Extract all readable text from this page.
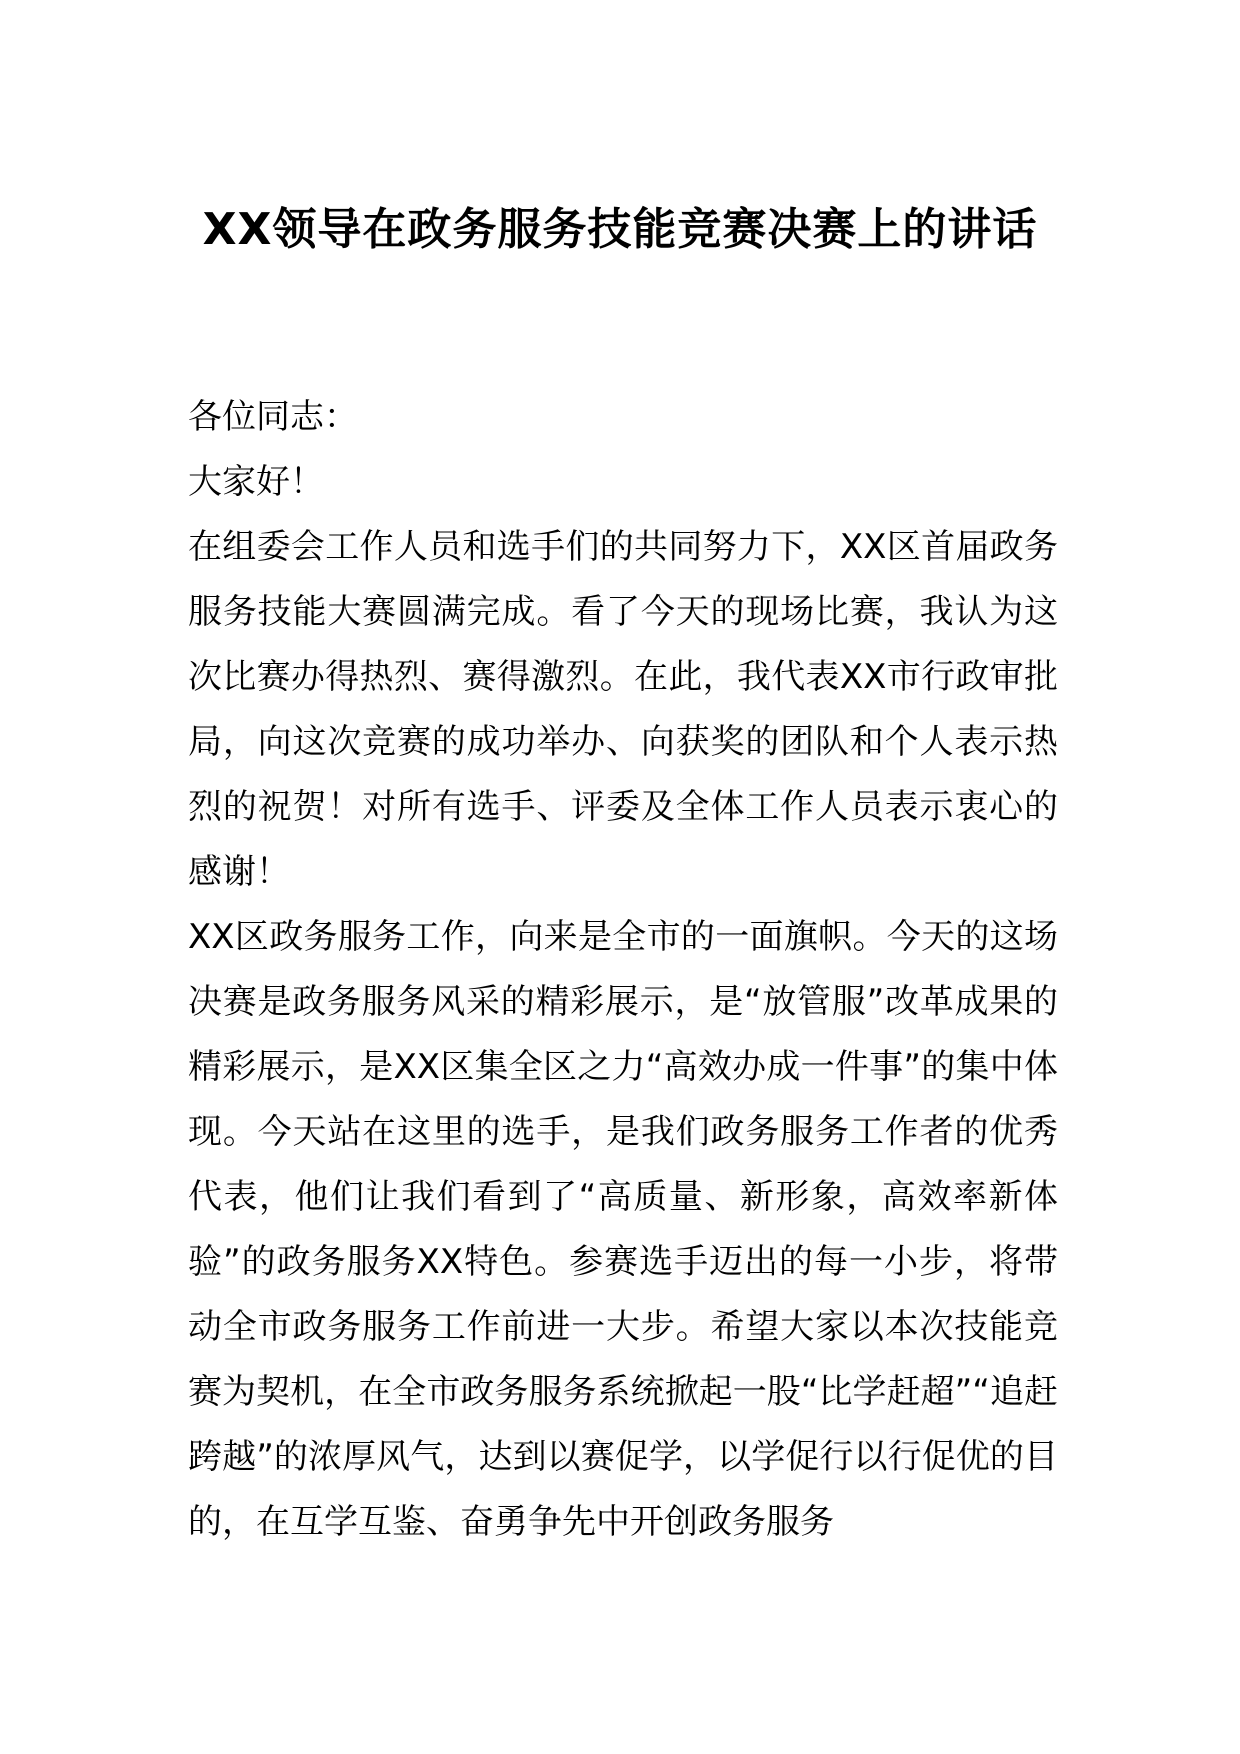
XX领导在政务服务技能竞赛决赛上的讲话

各位同志：

大家好！

在组委会工作人员和选手们的共同努力下，XX区首届政务服务技能大赛圆满完成。看了今天的现场比赛，我认为这次比赛办得热烈、赛得激烈。在此，我代表XX市行政审批局，向这次竞赛的成功举办、向获奖的团队和个人表示热烈的祝贺！对所有选手、评委及全体工作人员表示衷心的感谢！

XX区政务服务工作，向来是全市的一面旗帜。今天的这场决赛是政务服务风采的精彩展示，是“放管服”改革成果的精彩展示，是XX区集全区之力“高效办成一件事”的集中体现。今天站在这里的选手，是我们政务服务工作者的优秀代表，他们让我们看到了“高质量、新形象，高效率新体验”的政务服务XX特色。参赛选手迈出的每一小步，将带动全市政务服务工作前进一大步。希望大家以本次技能竞赛为契机，在全市政务服务系统掀起一股“比学赶超”“追赶跨越”的浓厚风气，达到以赛促学，以学促行以行促优的目的，在互学互鉴、奋勇争先中开创政务服务
